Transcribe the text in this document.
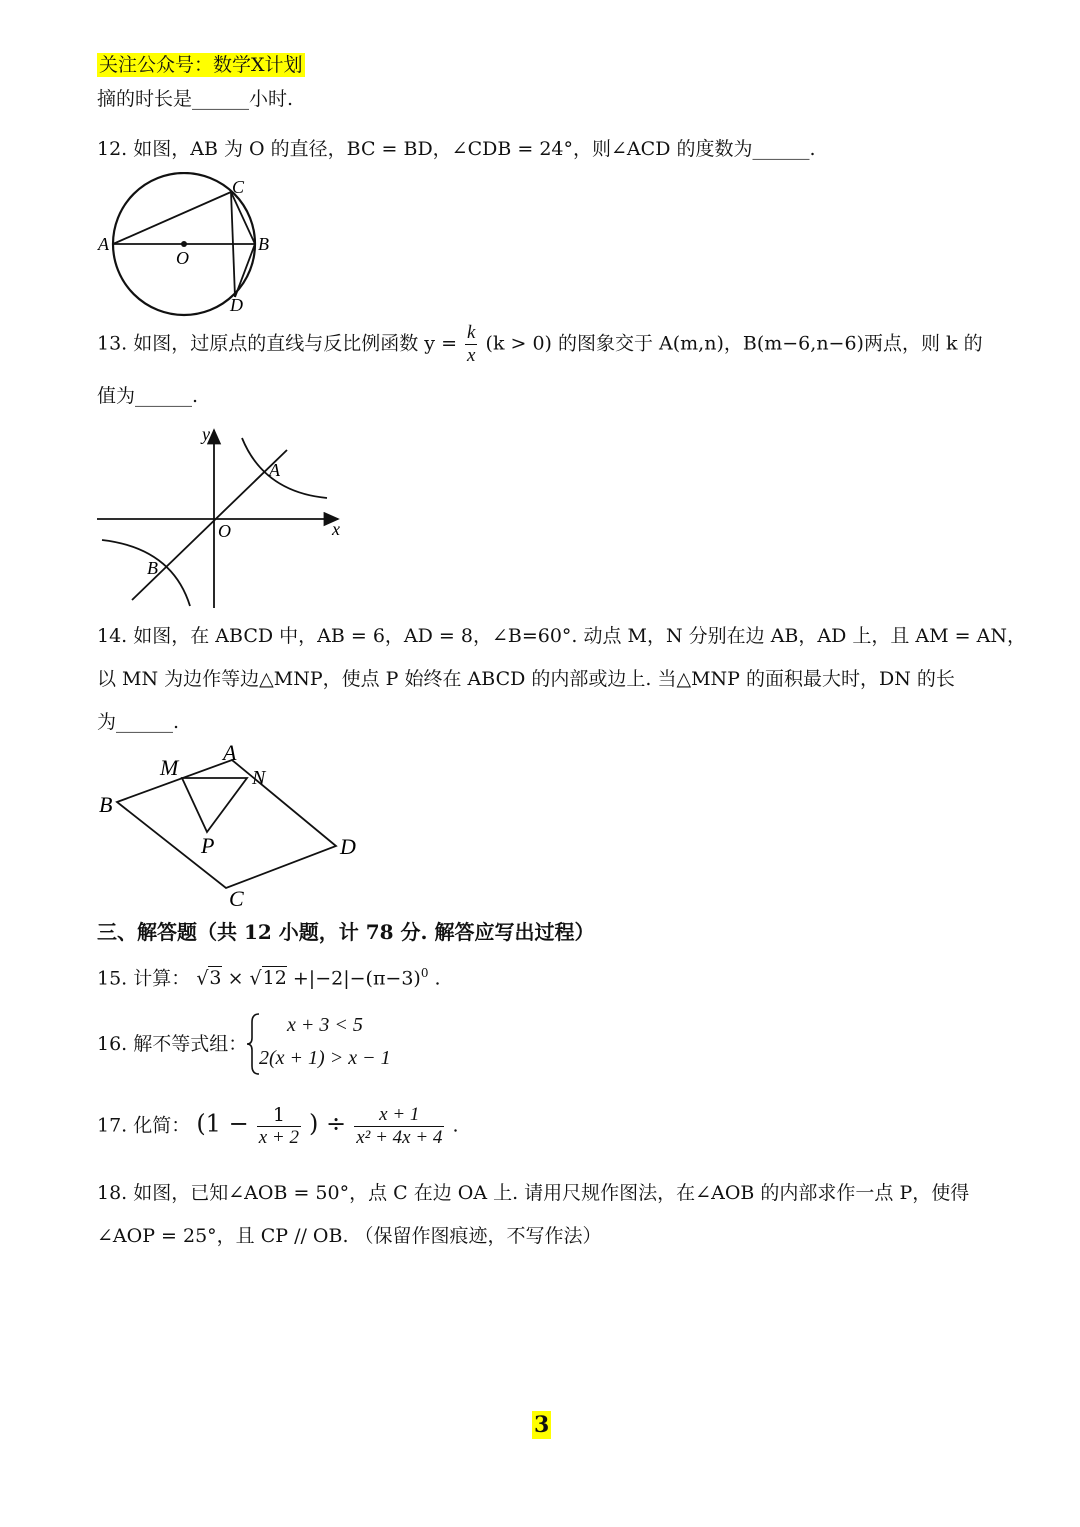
关注公众号：数学X计划
摘的时长是______小时.
12. 如图，AB 为 O 的直径，BC = BD，∠CDB = 24°，则∠ACD 的度数为______.
A	B
C
D
O
13. 如图，过原点的直线与反比例函数 $y = \frac{k}{x} (k > 0)$ 的图象交于 A(m,n)，B(m−6,n−6)两点，则 k 的
值为______.
y
x
O
A
B
14. 如图，在 ABCD 中，AB = 6，AD = 8，∠B=60°. 动点 M，N 分别在边 AB，AD 上，且 AM = AN，
以 MN 为边作等边△MNP，使点 P 始终在 ABCD 的内部或边上. 当△MNP 的面积最大时，DN 的长
为______.
M
A
N
B
P	D
C
三、解答题（共 12 小题，计 78 分. 解答应写出过程）
15. 计算： $√3 \times √12 +|-2|-(\pi-3)^0$ .
16. 解不等式组：
x + 3 < 5
2(x + 1) > x − 1
17. 化简： ($1 - \frac{1}{x + 2}$ ) ÷ $\frac{x + 1}{\text{x² + 4x + 4}}$ .
18. 如图，已知∠AOB = 50°，点 C 在边 OA 上. 请用尺规作图法，在∠AOB 的内部求作一点 P，使得
∠AOP = 25°，且 CP // OB. （保留作图痕迹，不写作法）
3
